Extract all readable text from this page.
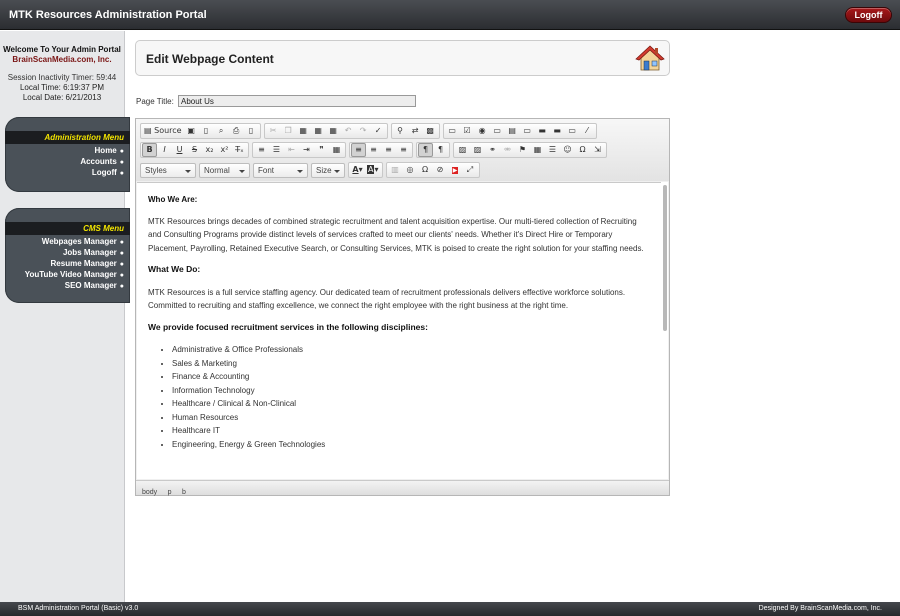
MTK Resources Administration Portal	Logoff
Welcome To Your Admin Portal
BrainScanMedia.com, Inc.
Session Inactivity Timer: 59:44
Local Time: 6:19:37 PM
Local Date: 6/21/2013
Administration Menu
Home ●
Accounts ●
Logoff ●
CMS Menu
Webpages Manager ●
Jobs Manager ●
Resume Manager ●
YouTube Video Manager ●
SEO Manager ●
Edit Webpage Content
Page Title:
About Us
▤ Source ▣	▯	⌕	⎙	▯	✂	❐ ▦ ▦ ▦ ↶	↷	✓	⚲	⇄ ▩	▭ ☑ ◉ ▭ ▤ ▭ ▬ ▬ ▭	⁄
B	I	U	S	x₂ x² T̶ₓ	≡	☰	⇤	⇥	❞	▦	≡	≡	≡	≡	¶	¶	▨ ▨ ⚭	⚮	⚑ ▦ ☰ ☺ Ω	⇲
Styles	Normal	Font	Size	A▾ A▾	▥ ◎	Ω	⊘	▶	⤢

Who We Are:

MTK Resources brings decades of combined strategic recruitment and talent acquisition expertise. Our multi-tiered collection of Recruiting and Consulting Programs provide distinct levels of services crafted to meet our clients' needs. Whether it's Direct Hire or Temporary Placement, Payrolling, Retained Executive Search, or Consulting Services, MTK is poised to create the right solution for your staffing needs.

What We Do:

MTK Resources is a full service staffing agency. Our dedicated team of recruitment professionals delivers effective workforce solutions. Committed to recruiting and staffing excellence, we connect the right employee with the right business at the right time.

We provide focused recruitment services in the following disciplines:

• Administrative & Office Professionals
• Sales & Marketing
• Finance & Accounting
• Information Technology
• Healthcare / Clinical & Non-Clinical
• Human Resources
• Healthcare IT
• Engineering, Energy & Green Technologies
body p b
BSM Administration Portal (Basic) v3.0	Designed By BrainScanMedia.com, Inc.
